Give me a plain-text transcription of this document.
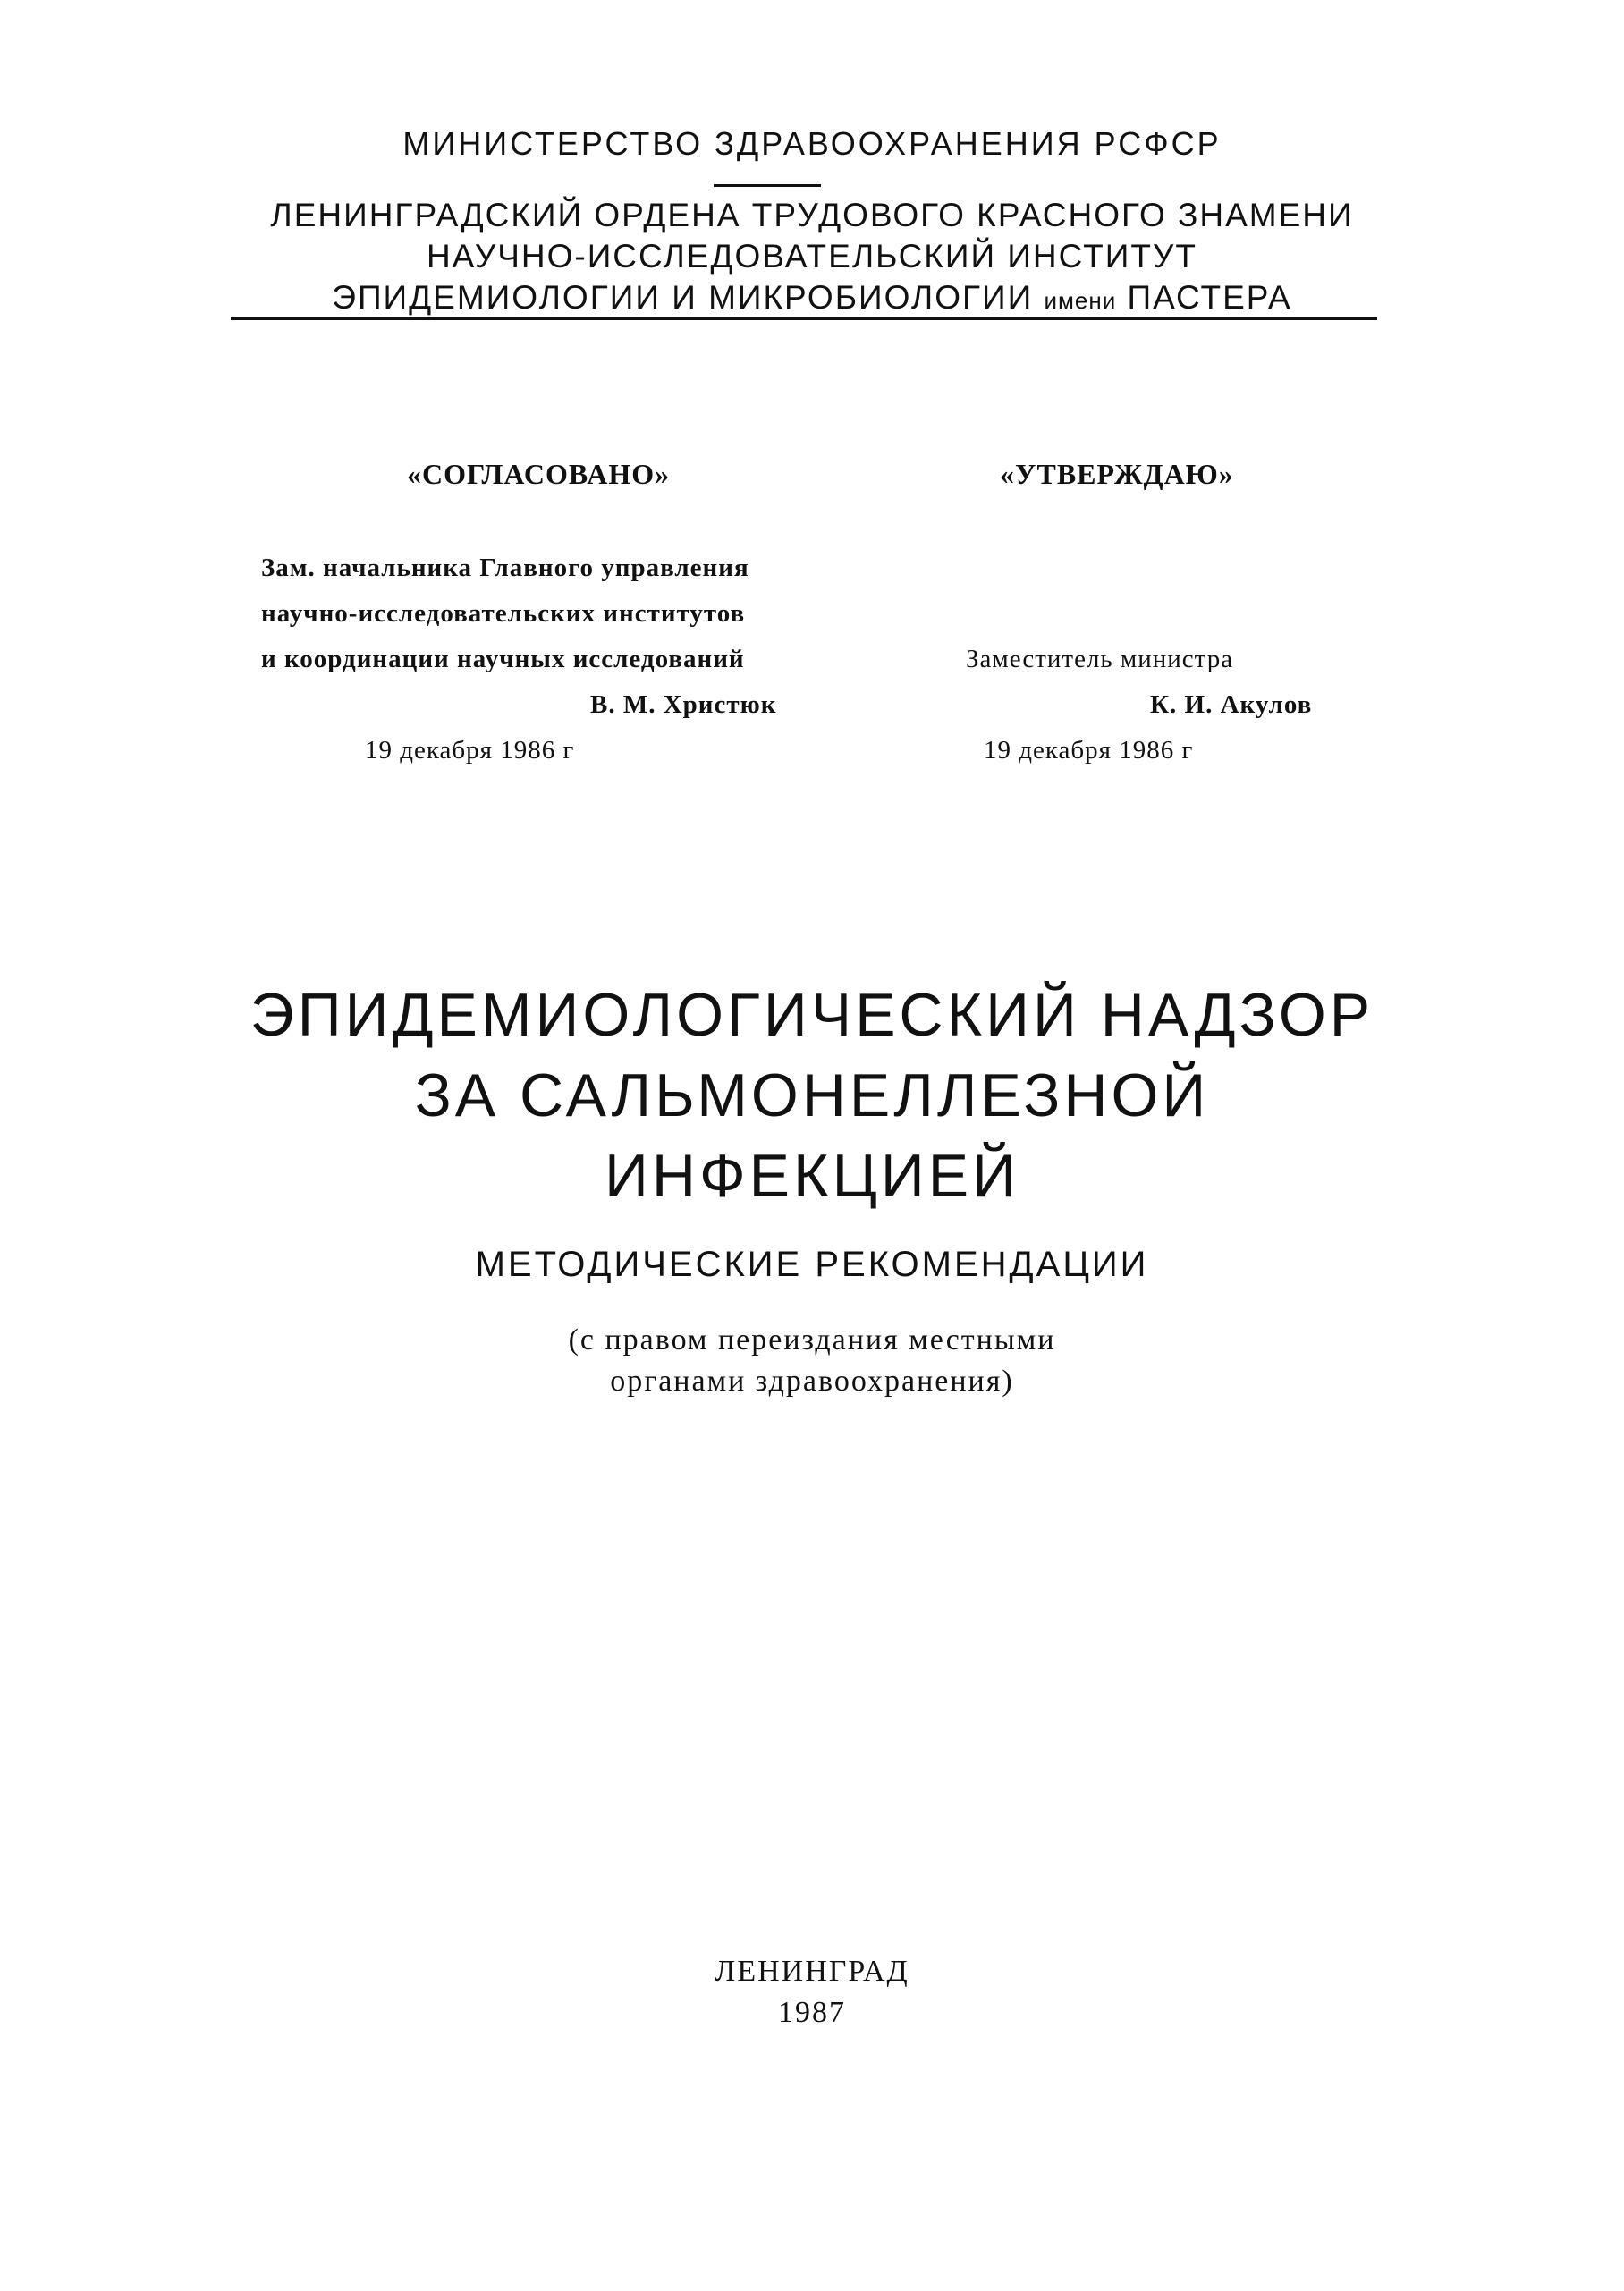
МИНИСТЕРСТВО ЗДРАВООХРАНЕНИЯ РСФСР
ЛЕНИНГРАДСКИЙ ОРДЕНА ТРУДОВОГО КРАСНОГО ЗНАМЕНИ
НАУЧНО-ИССЛЕДОВАТЕЛЬСКИЙ ИНСТИТУТ
ЭПИДЕМИОЛОГИИ И МИКРОБИОЛОГИИ имени ПАСТЕРА
«СОГЛАСОВАНО»	«УТВЕРЖДАЮ»
Зам. начальника Главного управления
научно-исследовательских институтов
и координации научных исследований
В. М. Христюк
19 декабря 1986 г
Заместитель министра
К. И. Акулов
19 декабря 1986 г
ЭПИДЕМИОЛОГИЧЕСКИЙ НАДЗОР
ЗА САЛЬМОНЕЛЛЕЗНОЙ
ИНФЕКЦИЕЙ
МЕТОДИЧЕСКИЕ РЕКОМЕНДАЦИИ
(с правом переиздания местными
органами здравоохранения)
ЛЕНИНГРАД
1987
